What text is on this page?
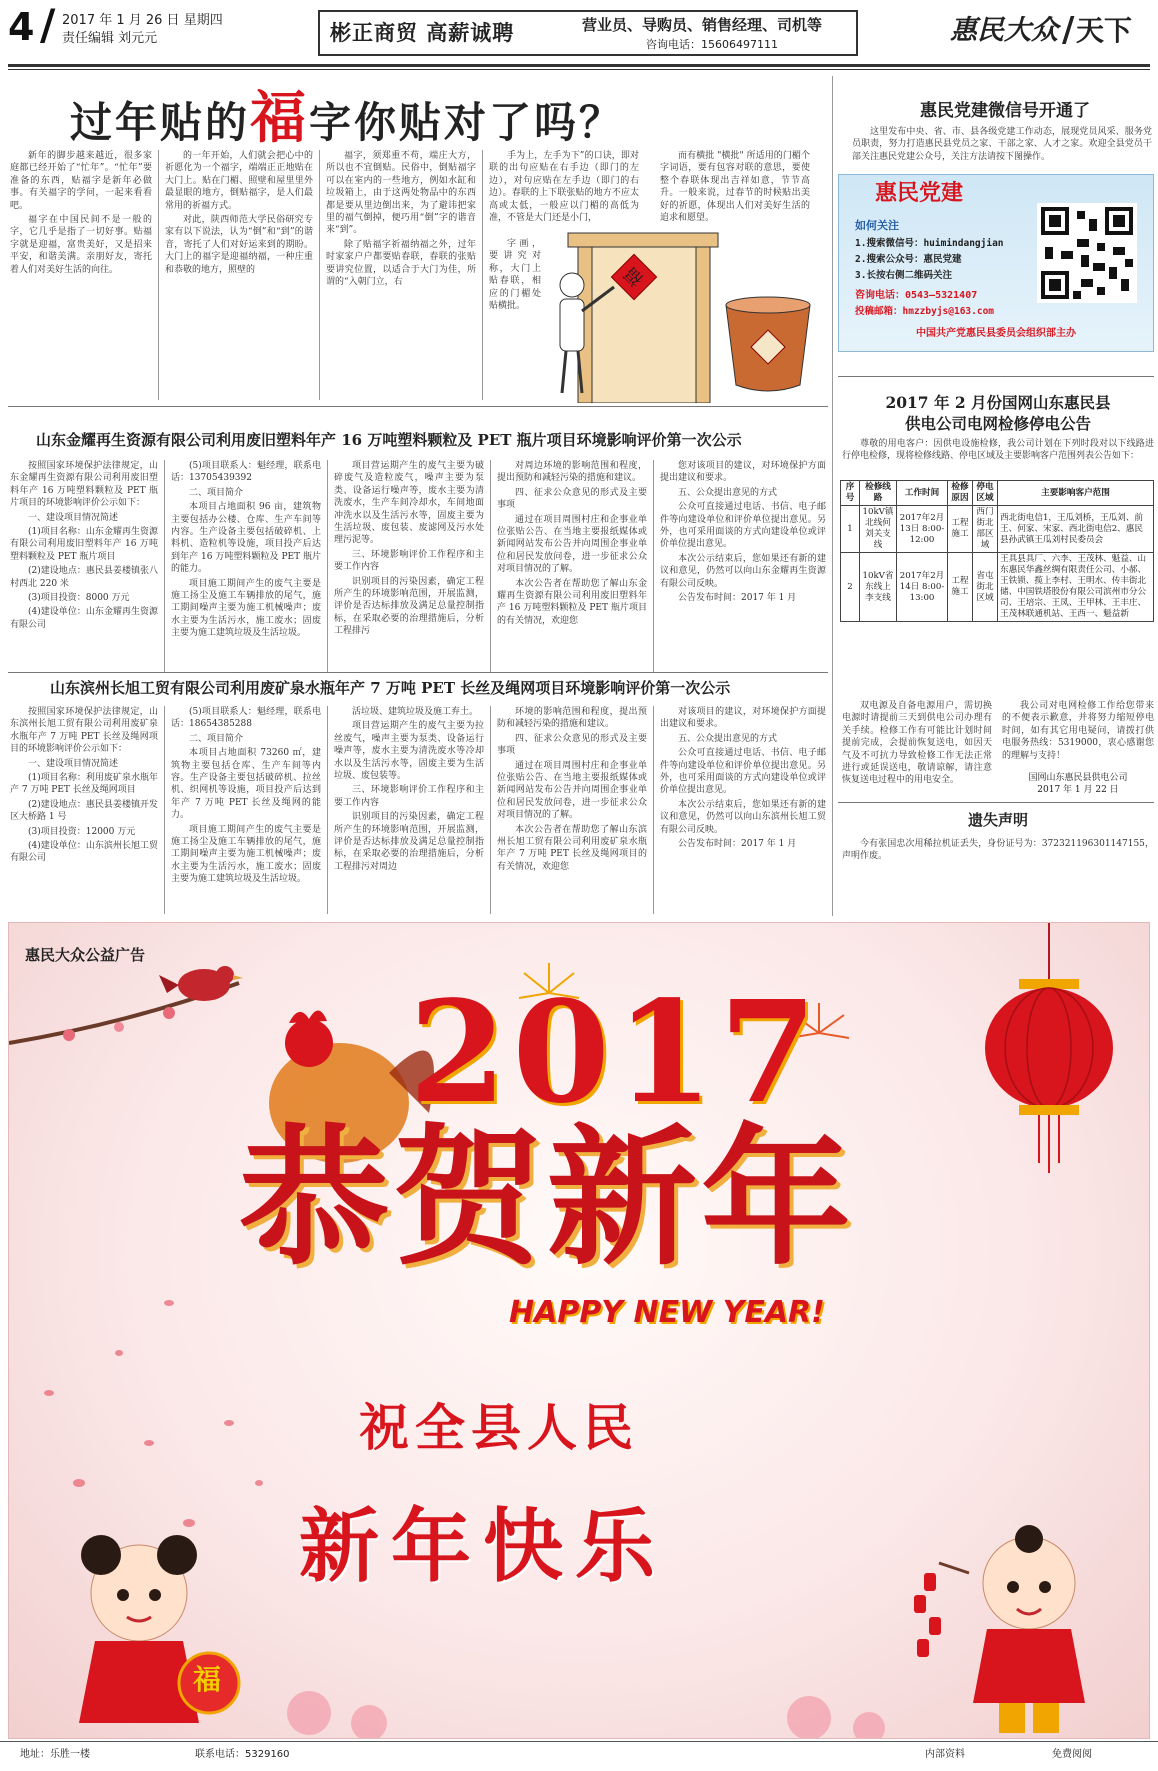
4 / 2017 年 1 月 26 日 星期四
责任编辑 刘元元	彬正商贸 高薪诚聘	营业员、导购员、销售经理、司机等
咨询电话：15606497111	惠民大众 / 天下
过年贴的福字你贴对了吗？

新年的脚步越来越近，很多家庭都已经开始了“忙年”。“忙年”要准备的东西，贴福字是新年必做事。有关福字的学问，一起来看看吧。

福字在中国民间不是一般的字，它几乎是指了一切好事。贴福字就是迎福，富贵美好，又是招来平安，和谐美满。亲朋好友，寄托着人们对美好生活的向往。

的一年开始，人们就会把心中的祈愿化为一个福字，端端正正地贴在大门上。贴在门楣、照壁和屋里里外最显眼的地方，倒贴福字，是人们最常用的祈福方式。

对此，陕西师范大学民俗研究专家有以下说法，认为“倒”和“到”的谐音，寄托了人们对好运来到的期盼。大门上的福字是迎福纳福，一种庄重和恭敬的地方，照壁的

福字，须郑重不苟，端庄大方，所以也不宜倒贴。民俗中，倒贴福字可以在室内的一些地方，例如水缸和垃圾箱上，由于这两处物品中的东西都是要从里边倒出来，为了避讳把家里的福气倒掉，便巧用“倒”字的谐音来“到”。

除了贴福字祈福纳福之外，过年时家家户户都要贴春联，春联的张贴要讲究位置，以适合于大门为佳，所谓的“入朝门立，右

手为上，左手为下”的口诀，即对联的出句应贴在右手边（即门的左边），对句应贴在左手边（即门的右边）。春联的上下联张贴的地方不应太高或太低，一般应以门楣的高低为准，不管是大门还是小门，

字画，要讲究对称，大门上贴春联，相应的门楣处贴横批。

而有横批 "横批" 所适用的门楣个字词语，要有包容对联的意思，要使整个春联体现出吉祥如意，节节高升。一般来说，过春节的时候贴出美好的祈愿，体现出人们对美好生活的追求和愿望。

福
惠民党建微信号开通了

这里发布中央、省、市、县各级党建工作动态，展现党员风采、服务党员职责，努力打造惠民县党员之家、干部之家、人才之家。欢迎全县党员干部关注惠民党建公众号，关注方法请按下图操作。

惠民党建
如何关注
1.搜索微信号：huimindangjian
2.搜索公众号：惠民党建
3.长按右侧二维码关注
咨询电话：0543—5321407
投稿邮箱：hmzzbyjs@163.com
中国共产党惠民县委员会组织部主办
2017 年 2 月份国网山东惠民县
供电公司电网检修停电公告

尊敬的用电客户：因供电设施检修，我公司计划在下列时段对以下线路进行停电检修，现将检修线路、停电区域及主要影响客户范围列表公告如下：

序号	检修线路	工作时间	检修原因	停电区域	主要影响客户范围
1	10kV镇北线何刘关支线	2017年2月13日 8:00-12:00	工程施工	西门街北部区域	西北街电信1，王瓜刘桥，王瓜刘、前王、何家、宋家、西北街电信2、惠民县孙武镇王瓜刘村民委员会
2	10kV省东线上李支线	2017年2月14日 8:00-13:00	工程施工	省屯街北区域	王具县具厂、六李、王茂林、魁益、山东惠民华鑫丝绸有限责任公司、小郝、王铁锁、揽上李村、王明水、传丰街北储、中国铁塔股份有限公司滨州市分公司、王培宗、王凤、王甲林、王丰庄、王茂林联通机站、王西一、魁益新

双电源及自备电源用户，需切换电源时请提前三天到供电公司办理有关手续。检修工作有可能比计划时间提前完成，会提前恢复送电，如因天气及不可抗力导致检修工作无法正常进行或延误送电，敬请谅解，请注意恢复送电过程中的用电安全。

我公司对电网检修工作给您带来的不便表示歉意，并将努力缩短停电时间，如有其它用电疑问，请拨打供电服务热线：5319000，衷心感谢您的理解与支持！

国网山东惠民县供电公司
2017 年 1 月 22 日
遗失声明

今有张国忠次用稀拉机证丢失，身份证号为：372321196301147155，声明作废。

山东金耀再生资源有限公司利用废旧塑料年产 16 万吨塑料颗粒及 PET 瓶片项目环境影响评价第一次公示

按照国家环境保护法律规定，山东金耀再生资源有限公司利用废旧塑料年产 16 万吨塑料颗粒及 PET 瓶片项目的环境影响评价公示如下：

一、建设项目情况简述

(1)项目名称：山东金耀再生资源有限公司利用废旧塑料年产 16 万吨塑料颗粒及 PET 瓶片项目

(2)建设地点：惠民县姜楼镇张八村西北 220 米

(3)项目投资：8000 万元

(4)建设单位：山东金耀再生资源有限公司

(5)项目联系人：魁经理，联系电话：13705439392

二、项目简介

本项目占地面积 96 亩，建筑物主要包括办公楼、仓库、生产车间等内容。生产设备主要包括破碎机、上料机、造粒机等设施，项目投产后达到年产 16 万吨塑料颗粒及 PET 瓶片的能力。

项目施工期间产生的废气主要是施工扬尘及施工车辆排放的尾气，施工期间噪声主要为施工机械噪声；废水主要为生活污水，施工废水；固废主要为施工建筑垃圾及生活垃圾。

项目营运期产生的废气主要为破碎废气及造粒废气，噪声主要为泵类、设备运行噪声等，废水主要为清洗废水，生产车间冷却水，车间地面冲洗水以及生活污水等，固废主要为生活垃圾、废包装、废滤网及污水处理污泥等。

三、环境影响评价工作程序和主要工作内容

识别项目的污染因素，确定工程所产生的环境影响范围，开展监测，评价是否达标排放及满足总量控制指标，在采取必要的治理措施后，分析工程排污

对周边环境的影响范围和程度，提出预防和减轻污染的措施和建议。

四、征求公众意见的形式及主要事项

通过在项目周围村庄和企事业单位张贴公告、在当地主要报纸媒体或新闻网站发布公告并向周围企事业单位和居民发放问卷，进一步征求公众对项目情况的了解。

本次公告者在帮助您了解山东金耀再生资源有限公司利用废旧塑料年产 16 万吨塑料颗粒及 PET 瓶片项目的有关情况，欢迎您

您对该项目的建议，对环境保护方面提出建议和要求。

五、公众提出意见的方式

公众可直接通过电话、书信、电子邮件等向建设单位和评价单位提出意见。另外，也可采用面谈的方式向建设单位或评价单位提出意见。

本次公示结束后，您如果还有新的建议和意见，仍然可以向山东金耀再生资源有限公司反映。

公告发布时间：2017 年 1 月

山东滨州长旭工贸有限公司利用废矿泉水瓶年产 7 万吨 PET 长丝及绳网项目环境影响评价第一次公示

按照国家环境保护法律规定，山东滨州长旭工贸有限公司利用废矿泉水瓶年产 7 万吨 PET 长丝及绳网项目的环境影响评价公示如下：

一、建设项目情况简述

(1)项目名称：利用废矿泉水瓶年产 7 万吨 PET 长丝及绳网项目

(2)建设地点：惠民县姜楼镇开发区大桥路 1 号

(3)项目投资：12000 万元

(4)建设单位：山东滨州长旭工贸有限公司

(5)项目联系人：魁经理，联系电话：18654385288

二、项目简介

本项目占地面积 73260 ㎡，建筑物主要包括仓库、生产车间等内容。生产设备主要包括破碎机、拉丝机、织网机等设施，项目投产后达到年产 7 万吨 PET 长丝及绳网的能力。

项目施工期间产生的废气主要是施工扬尘及施工车辆排放的尾气，施工期间噪声主要为施工机械噪声；废水主要为生活污水，施工废水；固废主要为施工建筑垃圾及生活垃圾。

活垃圾、建筑垃圾及施工弃土。

项目营运期产生的废气主要为拉丝废气，噪声主要为泵类、设备运行噪声等，废水主要为清洗废水等冷却水以及生活污水等，固废主要为生活垃圾、废包装等。

三、环境影响评价工作程序和主要工作内容

识别项目的污染因素，确定工程所产生的环境影响范围，开展监测，评价是否达标排放及满足总量控制指标，在采取必要的治理措施后，分析工程排污对周边

环境的影响范围和程度，提出预防和减轻污染的措施和建议。

四、征求公众意见的形式及主要事项

通过在项目周围村庄和企事业单位张贴公告、在当地主要报纸媒体或新闻网站发布公告并向周围企事业单位和居民发放问卷，进一步征求公众对项目情况的了解。

本次公告者在帮助您了解山东滨州长旭工贸有限公司利用废矿泉水瓶年产 7 万吨 PET 长丝及绳网项目的有关情况，欢迎您

对该项目的建议，对环境保护方面提出建议和要求。

五、公众提出意见的方式

公众可直接通过电话、书信、电子邮件等向建设单位和评价单位提出意见。另外，也可采用面谈的方式向建设单位或评价单位提出意见。

本次公示结束后，您如果还有新的建议和意见，仍然可以向山东滨州长旭工贸有限公司反映。

公告发布时间：2017 年 1 月

惠民大众公益广告
2017
恭贺新年
HAPPY NEW YEAR!
祝全县人民
新年快乐
福
地址：乐胜一楼	联系电话：5329160	内部资料	免费阅阅
